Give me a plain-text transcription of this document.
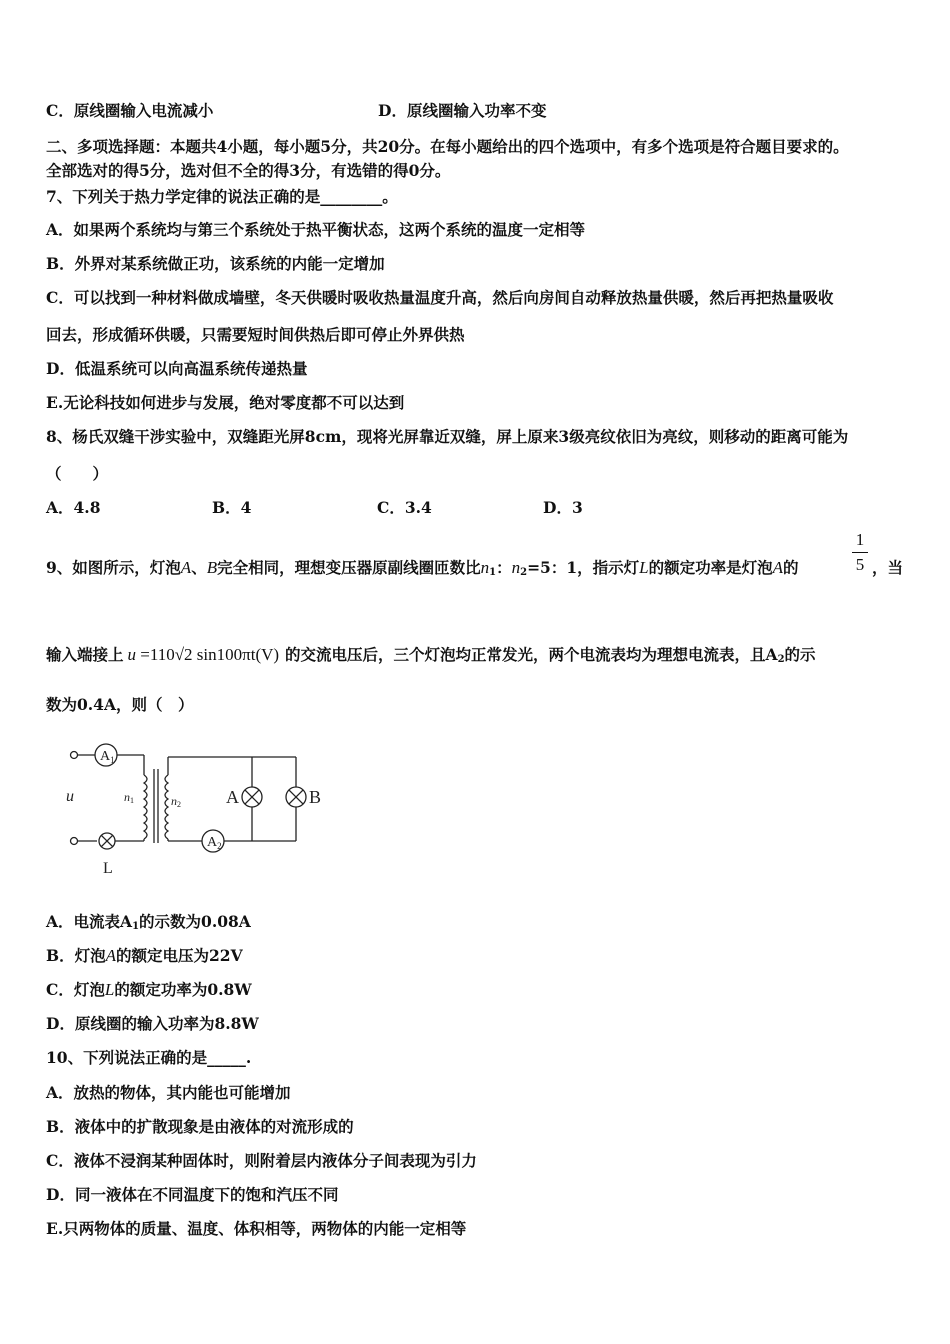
C．原线圈输入电流减小	D．原线圈输入功率不变
二、多项选择题：本题共4小题，每小题5分，共20分。在每小题给出的四个选项中，有多个选项是符合题目要求的。
全部选对的得5分，选对但不全的得3分，有选错的得0分。
7、下列关于热力学定律的说法正确的是________。
A．如果两个系统均与第三个系统处于热平衡状态，这两个系统的温度一定相等
B．外界对某系统做正功，该系统的内能一定增加
C．可以找到一种材料做成墙壁，冬天供暖时吸收热量温度升高，然后向房间自动释放热量供暖，然后再把热量吸收
回去，形成循环供暖，只需要短时间供热后即可停止外界供热
D．低温系统可以向高温系统传递热量
E.无论科技如何进步与发展，绝对零度都不可以达到
8、杨氏双缝干涉实验中，双缝距光屏8cm，现将光屏靠近双缝，屏上原来3级亮纹依旧为亮纹，则移动的距离可能为
（　　）
A．4.8	B．4	C．3.4	D．3
9、如图所示，灯泡A、B完全相同，理想变压器原副线圈匝数比$n_1$：$n_2=5$：1，指示灯L的额定功率是灯泡A的
1
5 ，当
输入端接上 u =110√2 sin100πt(V) 的交流电压后，三个灯泡均正常发光，两个电流表均为理想电流表，且$A_2$的示
数为0.4A，则（　）
$A_1$
$A_2$
u	n1	n2	A	B
L
A．电流表$A_1$的示数为0.08A
B．灯泡A的额定电压为22V
C．灯泡L的额定功率为0.8W
D．原线圈的输入功率为8.8W
10、下列说法正确的是_____.
A．放热的物体，其内能也可能增加
B．液体中的扩散现象是由液体的对流形成的
C．液体不浸润某种固体时，则附着层内液体分子间表现为引力
D．同一液体在不同温度下的饱和汽压不同
E.只两物体的质量、温度、体积相等，两物体的内能一定相等
